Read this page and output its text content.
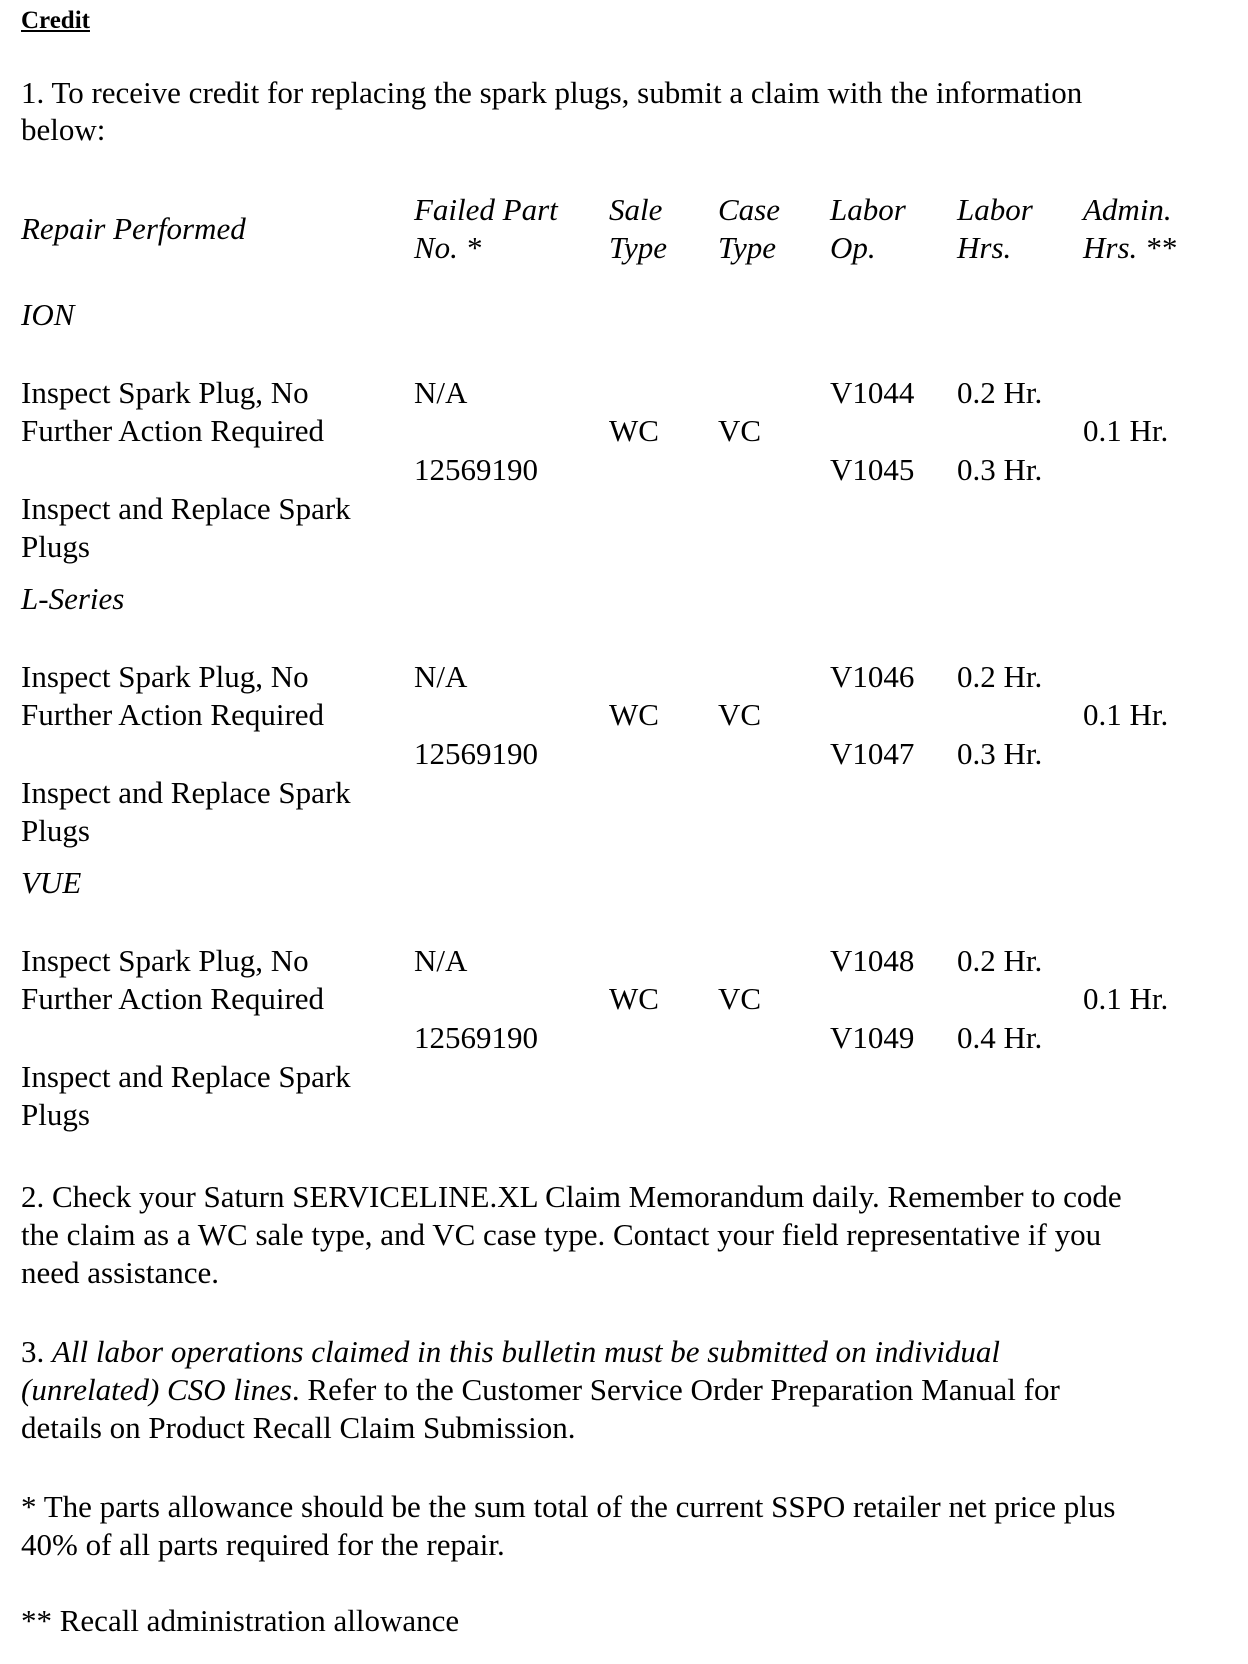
Credit
1. To receive credit for replacing the spark plugs, submit a claim with the information
below:
Repair Performed
Failed Part
No. *
Sale
Type
Case
Type
Labor
Op.
Labor
Hrs.
Admin.
Hrs. **
ION
Inspect Spark Plug, No
Further Action Required
Inspect and Replace Spark
Plugs
N/A
12569190
WC VC
V1044
V1045
0.2 Hr.
0.3 Hr.
0.1 Hr.
L-Series
Inspect Spark Plug, No
Further Action Required
Inspect and Replace Spark
Plugs
N/A
12569190
WC VC
V1046
V1047
0.2 Hr.
0.3 Hr.
0.1 Hr.
VUE
Inspect Spark Plug, No
Further Action Required
Inspect and Replace Spark
Plugs
N/A
12569190
WC VC
V1048
V1049
0.2 Hr.
0.4 Hr.
0.1 Hr.
2. Check your Saturn SERVICELINE.XL Claim Memorandum daily. Remember to code
the claim as a WC sale type, and VC case type. Contact your field representative if you
need assistance.
3. All labor operations claimed in this bulletin must be submitted on individual
(unrelated) CSO lines. Refer to the Customer Service Order Preparation Manual for
details on Product Recall Claim Submission.
* The parts allowance should be the sum total of the current SSPO retailer net price plus
40% of all parts required for the repair.
** Recall administration allowance
